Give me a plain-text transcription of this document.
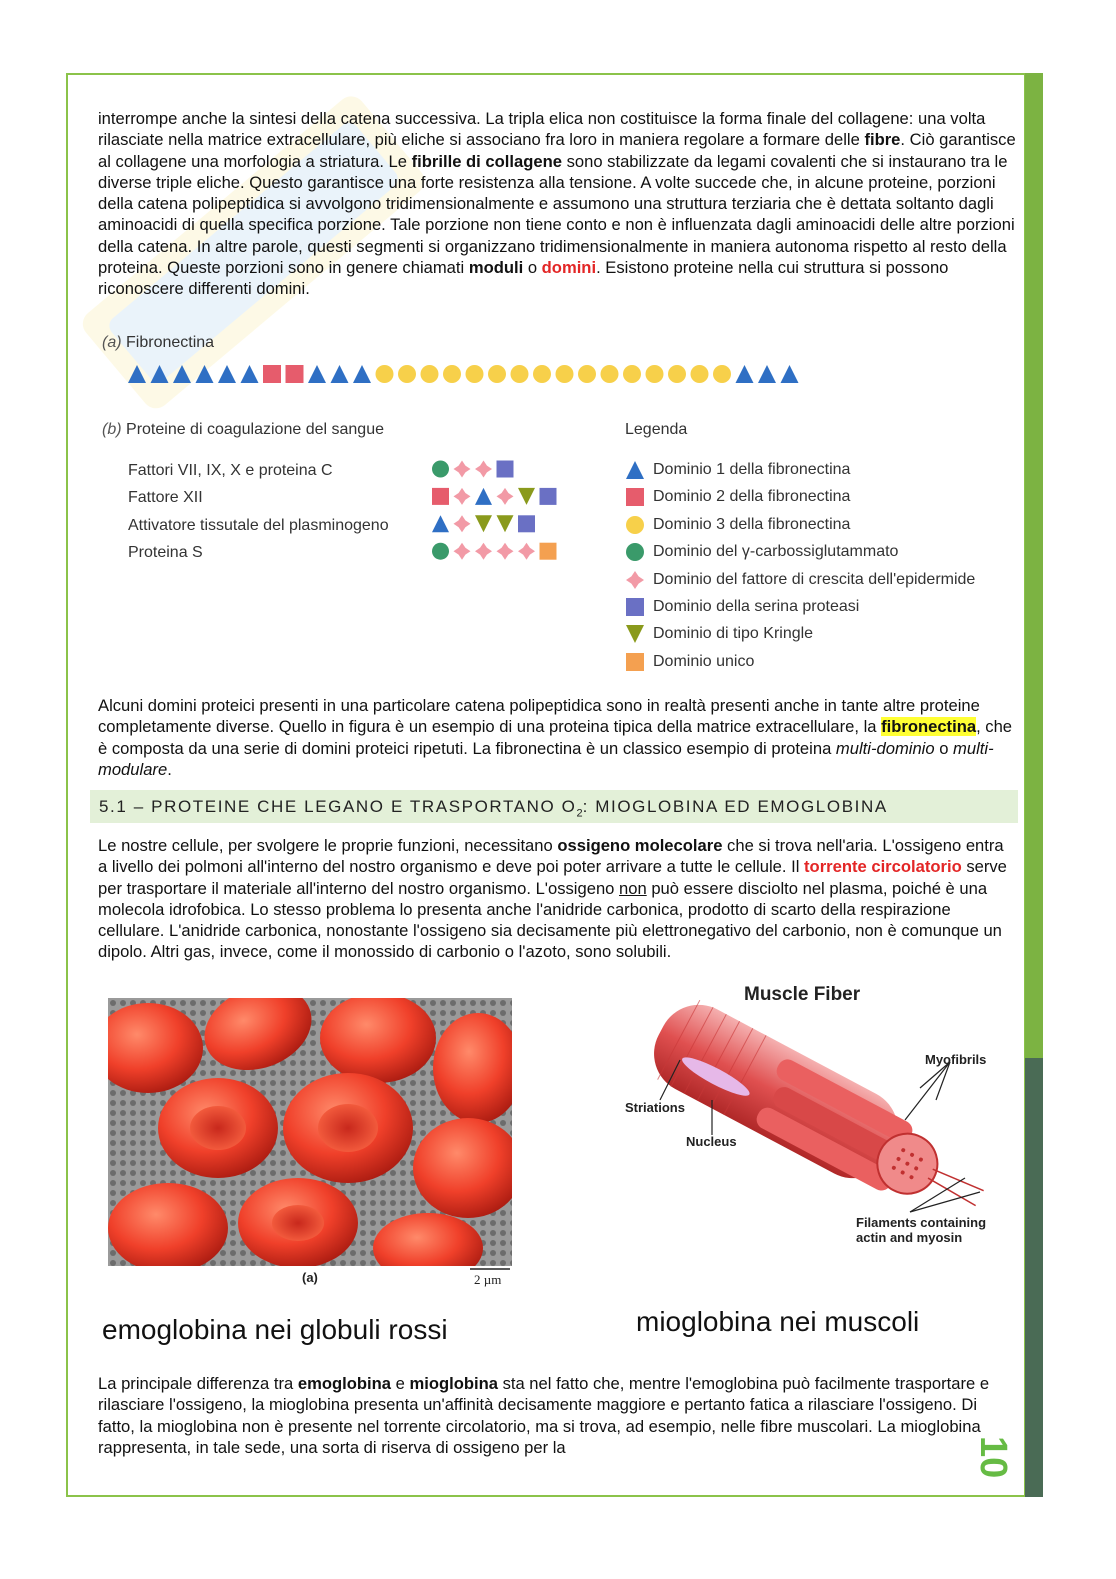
interrompe anche la sintesi della catena successiva. La tripla elica non costituisce la forma finale del collagene: una volta rilasciate nella matrice extracellulare, più eliche si associano fra loro in maniera regolare a formare delle fibre. Ciò garantisce al collagene una morfologia a striatura. Le fibrille di collagene sono stabilizzate da legami covalenti che si instaurano tra le diverse triple eliche. Questo garantisce una forte resistenza alla tensione. A volte succede che, in alcune proteine, porzioni della catena polipeptidica si avvolgono tridimensionalmente e assumono una struttura terziaria che è dettata soltanto dagli aminoacidi di quella specifica porzione. Tale porzione non tiene conto e non è influenzata dagli aminoacidi delle altre porzioni della catena. In altre parole, questi segmenti si organizzano tridimensionalmente in maniera autonoma rispetto al resto della proteina. Queste porzioni sono in genere chiamati moduli o domini. Esistono proteine nella cui struttura si possono riconoscere differenti domini.

(a) Fibronectina
(b) Proteine di coagulazione del sangue	Legenda
Fattori VII, IX, X e proteina C
Fattore XII
Attivatore tissutale del plasminogeno
Proteina S
Dominio 1 della fibronectina
Dominio 2 della fibronectina
Dominio 3 della fibronectina
Dominio del γ-carbossiglutammato
Dominio del fattore di crescita dell'epidermide
Dominio della serina proteasi
Dominio di tipo Kringle
Dominio unico

Alcuni domini proteici presenti in una particolare catena polipeptidica sono in realtà presenti anche in tante altre proteine completamente diverse. Quello in figura è un esempio di una proteina tipica della matrice extracellulare, la fibronectina, che è composta da una serie di domini proteici ripetuti. La fibronectina è un classico esempio di proteina multi-dominio o multi-modulare.

5.1 – PROTEINE CHE LEGANO E TRASPORTANO $O_2$: MIOGLOBINA ED EMOGLOBINA

Le nostre cellule, per svolgere le proprie funzioni, necessitano ossigeno molecolare che si trova nell'aria. L'ossigeno entra a livello dei polmoni all'interno del nostro organismo e deve poi poter arrivare a tutte le cellule. Il torrente circolatorio serve per trasportare il materiale all'interno del nostro organismo. L'ossigeno non può essere disciolto nel plasma, poiché è una molecola idrofobica. Lo stesso problema lo presenta anche l'anidride carbonica, prodotto di scarto della respirazione cellulare. L'anidride carbonica, nonostante l'ossigeno sia decisamente più elettronegativo del carbonio, non è comunque un dipolo. Altri gas, invece, come il monossido di carbonio o l'azoto, sono solubili.

(a)	2 µm
emoglobina nei globuli rossi
Muscle Fiber
Myofibrils
Striations
Nucleus
Filaments containing
actin and myosin
mioglobina nei muscoli

La principale differenza tra emoglobina e mioglobina sta nel fatto che, mentre l'emoglobina può facilmente trasportare e rilasciare l'ossigeno, la mioglobina presenta un'affinità decisamente maggiore e pertanto fatica a rilasciare l'ossigeno. Di fatto, la mioglobina non è presente nel torrente circolatorio, ma si trova, ad esempio, nelle fibre muscolari. La mioglobina rappresenta, in tale sede, una sorta di riserva di ossigeno per la	10
